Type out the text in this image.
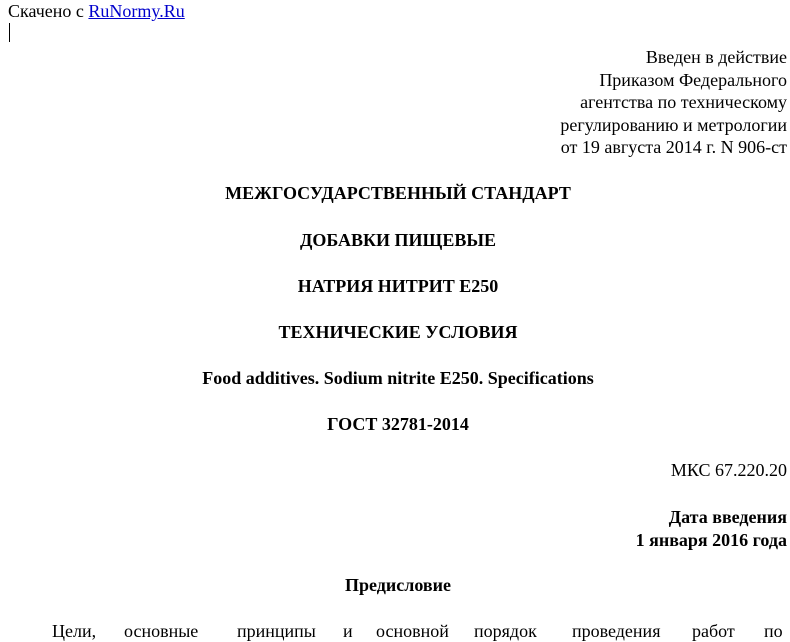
Скачено с RuNormy.Ru
Введен в действие
Приказом Федерального
агентства по техническому
регулированию и метрологии
от 19 августа 2014 г. N 906-ст
МЕЖГОСУДАРСТВЕННЫЙ СТАНДАРТ
ДОБАВКИ ПИЩЕВЫЕ
НАТРИЯ НИТРИТ Е250
ТЕХНИЧЕСКИЕ УСЛОВИЯ
Food additives. Sodium nitrite E250. Specifications
ГОСТ 32781-2014
МКС 67.220.20
Дата введения
1 января 2016 года
Предисловие
Цели, основные принципы и основной порядок проведения работ по
